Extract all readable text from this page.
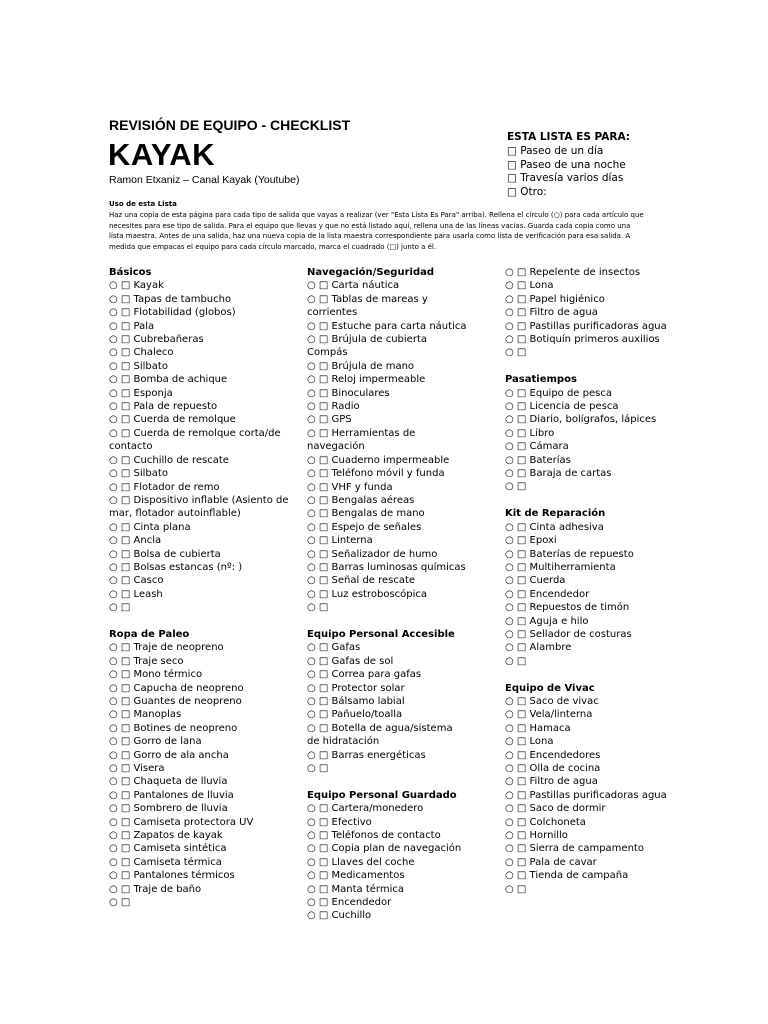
REVISIÓN DE EQUIPO - CHECKLIST

KAYAK

Ramon Etxaniz – Canal Kayak (Youtube)

ESTA LISTA ES PARA:

□ Paseo de un día
□ Paseo de una noche
□ Travesía varios días
□ Otro:

Uso de esta Lista

Haz una copia de esta página para cada tipo de salida que vayas a realizar (ver "Esta Lista Es Para" arriba). Rellena el círculo (○) para cada artículo que

necesites para ese tipo de salida. Para el equipo que llevas y que no está listado aquí, rellena una de las líneas vacías. Guarda cada copia como una

lista maestra. Antes de una salida, haz una nueva copia de la lista maestra correspondiente para usarla como lista de verificación para esa salida. A

medida que empacas el equipo para cada círculo marcado, marca el cuadrado (□) junto a él.

Básicos
○ □ Kayak
○ □ Tapas de tambucho
○ □ Flotabilidad (globos)
○ □ Pala
○ □ Cubrebañeras
○ □ Chaleco
○ □ Silbato
○ □ Bomba de achique
○ □ Esponja
○ □ Pala de repuesto
○ □ Cuerda de remolque
○ □ Cuerda de remolque corta/de contacto
○ □ Cuchillo de rescate
○ □ Silbato
○ □ Flotador de remo
○ □ Dispositivo inflable (Asiento de mar, flotador autoinflable)
○ □ Cinta plana
○ □ Ancla
○ □ Bolsa de cubierta
○ □ Bolsas estancas (nº: )
○ □ Casco
○ □ Leash
○ □
Ropa de Paleo
○ □ Traje de neopreno
○ □ Traje seco
○ □ Mono térmico
○ □ Capucha de neopreno
○ □ Guantes de neopreno
○ □ Manoplas
○ □ Botines de neopreno
○ □ Gorro de lana
○ □ Gorro de ala ancha
○ □ Visera
○ □ Chaqueta de lluvia
○ □ Pantalones de lluvia
○ □ Sombrero de lluvia
○ □ Camiseta protectora UV
○ □ Zapatos de kayak
○ □ Camiseta sintética
○ □ Camiseta térmica
○ □ Pantalones térmicos
○ □ Traje de baño
○ □
Navegación/Seguridad
○ □ Carta náutica
○ □ Tablas de mareas y corrientes
○ □ Estuche para carta náutica
○ □ Brújula de cubierta Compás
○ □ Brújula de mano
○ □ Reloj impermeable
○ □ Binoculares
○ □ Radio
○ □ GPS
○ □ Herramientas de navegación
○ □ Cuaderno impermeable
○ □ Teléfono móvil y funda
○ □ VHF y funda
○ □ Bengalas aéreas
○ □ Bengalas de mano
○ □ Espejo de señales
○ □ Linterna
○ □ Señalizador de humo
○ □ Barras luminosas químicas
○ □ Señal de rescate
○ □ Luz estroboscópica
○ □
Equipo Personal Accesible
○ □ Gafas
○ □ Gafas de sol
○ □ Correa para gafas
○ □ Protector solar
○ □ Bálsamo labial
○ □ Pañuelo/toalla
○ □ Botella de agua/sistema de hidratación
○ □ Barras energéticas
○ □
Equipo Personal Guardado
○ □ Cartera/monedero
○ □ Efectivo
○ □ Teléfonos de contacto
○ □ Copia plan de navegación
○ □ Llaves del coche
○ □ Medicamentos
○ □ Manta térmica
○ □ Encendedor
○ □ Cuchillo
○ □ Repelente de insectos
○ □ Lona
○ □ Papel higiénico
○ □ Filtro de agua
○ □ Pastillas purificadoras agua
○ □ Botiquín primeros auxilios
○ □
Pasatiempos
○ □ Equipo de pesca
○ □ Licencia de pesca
○ □ Diario, bolígrafos, lápices
○ □ Libro
○ □ Cámara
○ □ Baterías
○ □ Baraja de cartas
○ □
Kit de Reparación
○ □ Cinta adhesiva
○ □ Epoxi
○ □ Baterías de repuesto
○ □ Multiherramienta
○ □ Cuerda
○ □ Encendedor
○ □ Repuestos de timón
○ □ Aguja e hilo
○ □ Sellador de costuras
○ □ Alambre
○ □
Equipo de Vivac
○ □ Saco de vivac
○ □ Vela/linterna
○ □ Hamaca
○ □ Lona
○ □ Encendedores
○ □ Olla de cocina
○ □ Filtro de agua
○ □ Pastillas purificadoras agua
○ □ Saco de dormir
○ □ Colchoneta
○ □ Hornillo
○ □ Sierra de campamento
○ □ Pala de cavar
○ □ Tienda de campaña
○ □
